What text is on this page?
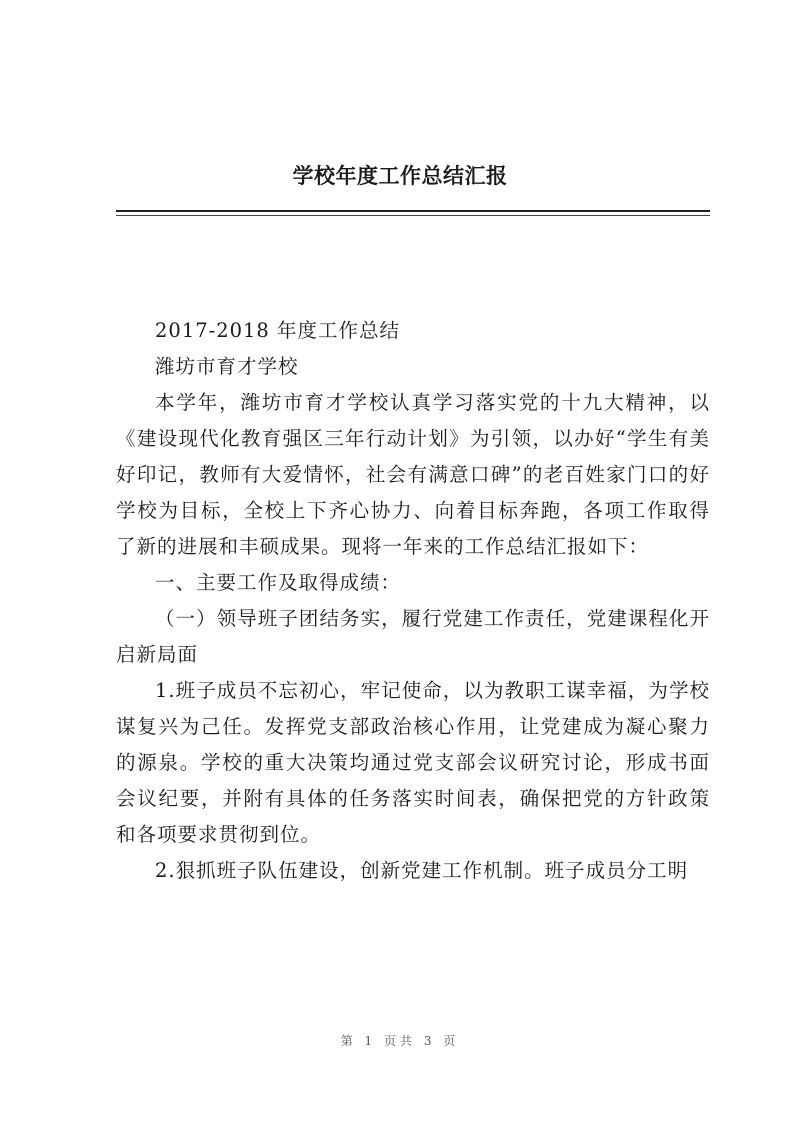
学校年度工作总结汇报

2017-2018 年度工作总结

潍坊市育才学校

本学年，潍坊市育才学校认真学习落实党的十九大精神，以《建设现代化教育强区三年行动计划》为引领，以办好“学生有美好印记，教师有大爱情怀，社会有满意口碑”的老百姓家门口的好学校为目标，全校上下齐心协力、向着目标奔跑，各项工作取得了新的进展和丰硕成果。现将一年来的工作总结汇报如下：

一、主要工作及取得成绩：

（一）领导班子团结务实，履行党建工作责任，党建课程化开启新局面

1.班子成员不忘初心，牢记使命，以为教职工谋幸福，为学校谋复兴为己任。发挥党支部政治核心作用，让党建成为凝心聚力的源泉。学校的重大决策均通过党支部会议研究讨论，形成书面会议纪要，并附有具体的任务落实时间表，确保把党的方针政策和各项要求贯彻到位。

2.狠抓班子队伍建设，创新党建工作机制。班子成员分工明

第 1 页共 3 页
